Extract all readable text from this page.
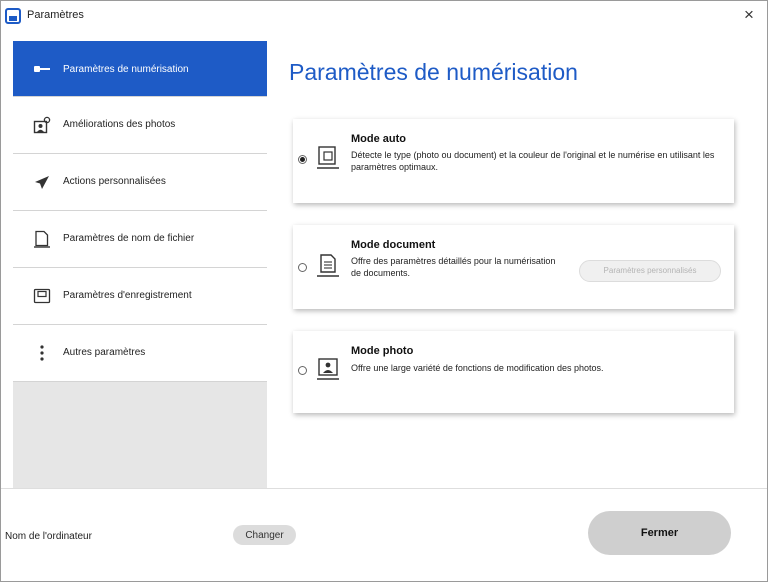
Paramètres	×
Paramètres de numérisation
Améliorations des photos
Actions personnalisées
Paramètres de nom de fichier
Paramètres d'enregistrement
Autres paramètres
Paramètres de numérisation
Mode auto
Détecte le type (photo ou document) et la couleur de l'original et le numérise en utilisant les paramètres optimaux.
Mode document
Offre des paramètres détaillés pour la numérisation de documents.	Paramètres personnalisés
Mode photo
Offre une large variété de fonctions de modification des photos.
Nom de l'ordinateur	Changer	Fermer
